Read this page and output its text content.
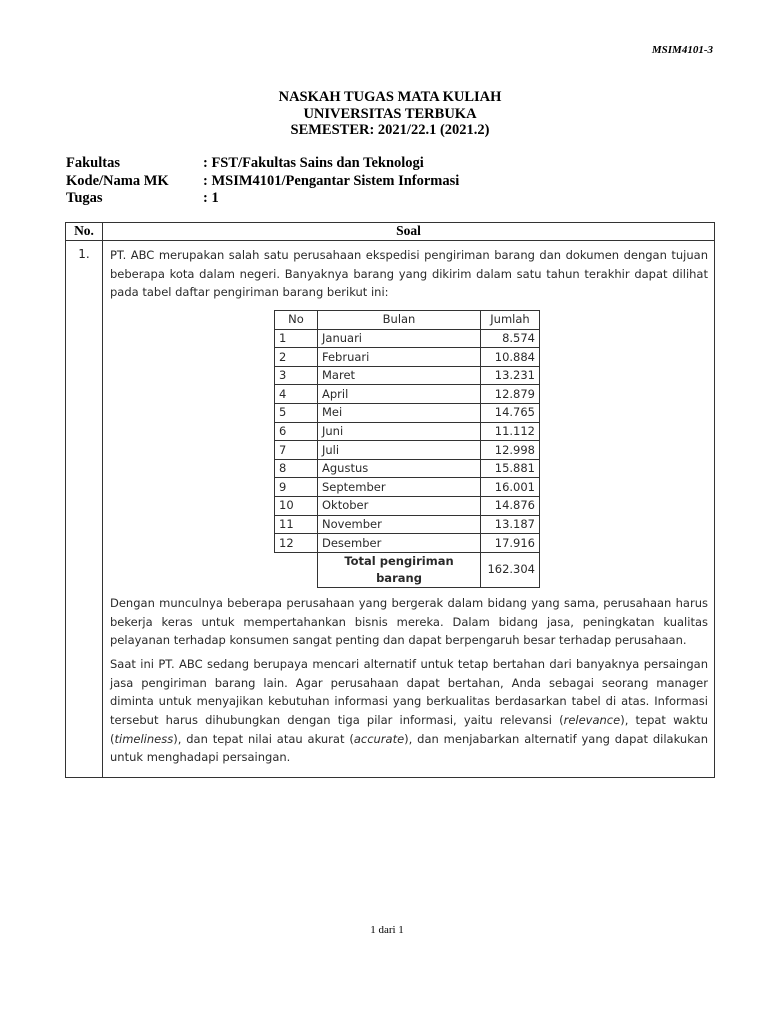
MSIM4101-3
NASKAH TUGAS MATA KULIAH
UNIVERSITAS TERBUKA
SEMESTER: 2021/22.1 (2021.2)
Fakultas	: FST/Fakultas Sains dan Teknologi
Kode/Nama MK	: MSIM4101/Pengantar Sistem Informasi
Tugas	: 1
No.	Soal
1.	PT. ABC merupakan salah satu perusahaan ekspedisi pengiriman barang dan dokumen dengan tujuan beberapa kota dalam negeri. Banyaknya barang yang dikirim dalam satu tahun terakhir dapat dilihat pada tabel daftar pengiriman barang berikut ini:

No	Bulan	Jumlah
1	Januari	8.574
2	Februari	10.884
3	Maret	13.231
4	April	12.879
5	Mei	14.765
6	Juni	11.112
7	Juli	12.998
8	Agustus	15.881
9	September	16.001
10	Oktober	14.876
11	November	13.187
12	Desember	17.916
	Total pengiriman barang	162.304

Dengan munculnya beberapa perusahaan yang bergerak dalam bidang yang sama, perusahaan harus bekerja keras untuk mempertahankan bisnis mereka. Dalam bidang jasa, peningkatan kualitas pelayanan terhadap konsumen sangat penting dan dapat berpengaruh besar terhadap perusahaan.

Saat ini PT. ABC sedang berupaya mencari alternatif untuk tetap bertahan dari banyaknya persaingan jasa pengiriman barang lain. Agar perusahaan dapat bertahan, Anda sebagai seorang manager diminta untuk menyajikan kebutuhan informasi yang berkualitas berdasarkan tabel di atas. Informasi tersebut harus dihubungkan dengan tiga pilar informasi, yaitu relevansi (relevance), tepat waktu (timeliness), dan tepat nilai atau akurat (accurate), dan menjabarkan alternatif yang dapat dilakukan untuk menghadapi persaingan.

1 dari 1
